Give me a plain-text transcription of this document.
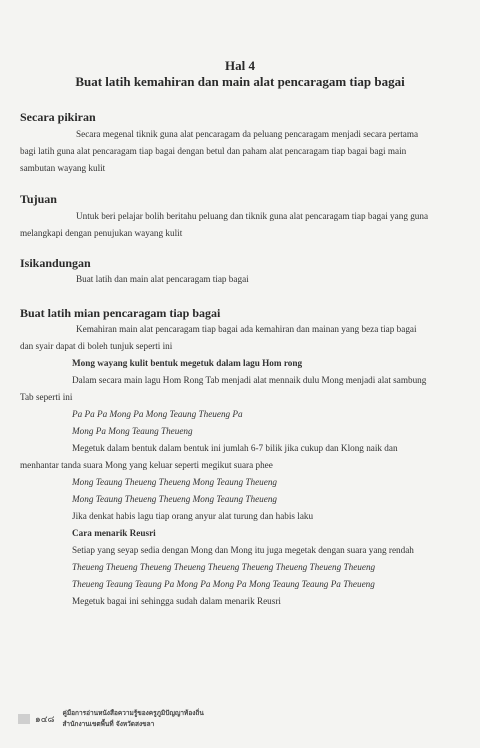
Hal 4
Buat latih kemahiran dan main alat pencaragam tiap bagai
Secara pikiran
Secara megenal tiknik guna alat pencaragam da peluang pencaragam menjadi secara pertama
bagi latih guna alat pencaragam tiap bagai dengan betul dan paham alat pencaragam tiap bagai bagi main
sambutan wayang kulit
Tujuan
Untuk beri pelajar bolih beritahu peluang dan tiknik guna alat pencaragam tiap bagai yang guna
melangkapi dengan penujukan wayang kulit
Isikandungan
Buat latih dan main alat pencaragam tiap bagai
Buat latih mian pencaragam tiap bagai
Kemahiran main alat pencaragam tiap bagai ada kemahiran dan mainan yang beza tiap bagai
dan syair dapat di boleh tunjuk seperti ini
Mong wayang kulit bentuk megetuk dalam lagu Hom rong
Dalam secara main lagu Hom Rong Tab menjadi alat mennaik dulu Mong menjadi alat sambung
Tab seperti ini
Pa Pa Pa Mong Pa Mong Teaung Theueng Pa
Mong Pa Mong Teaung Theueng
Megetuk dalam bentuk dalam bentuk ini jumlah 6-7 bilik jika cukup dan Klong naik dan
menhantar tanda suara Mong yang keluar seperti megikut suara phee
Mong Teaung Theueng Theueng Mong Teaung Theueng
Mong Teaung Theueng Theueng Mong Teaung Theueng
Jika denkat habis lagu tiap orang anyur alat turung dan habis laku
Cara menarik Reusri
Setiap yang seyap sedia dengan Mong dan Mong itu juga megetak dengan suara yang rendah
Theueng Theueng Theueng Theueng Theueng Theueng Theueng Theueng Theueng
Theueng Teaung Teaung Pa Mong Pa Mong Pa Mong Teaung Teaung Pa Theueng
Megetuk bagai ini sehingga sudah dalam menarik Reusri
๑๔๘ คู่มือการอ่านหนังสือความรู้ของครูภูมิปัญญาท้องถิ่น
สำนักงานเขตพื้นที่ จังหวัดสงขลา
